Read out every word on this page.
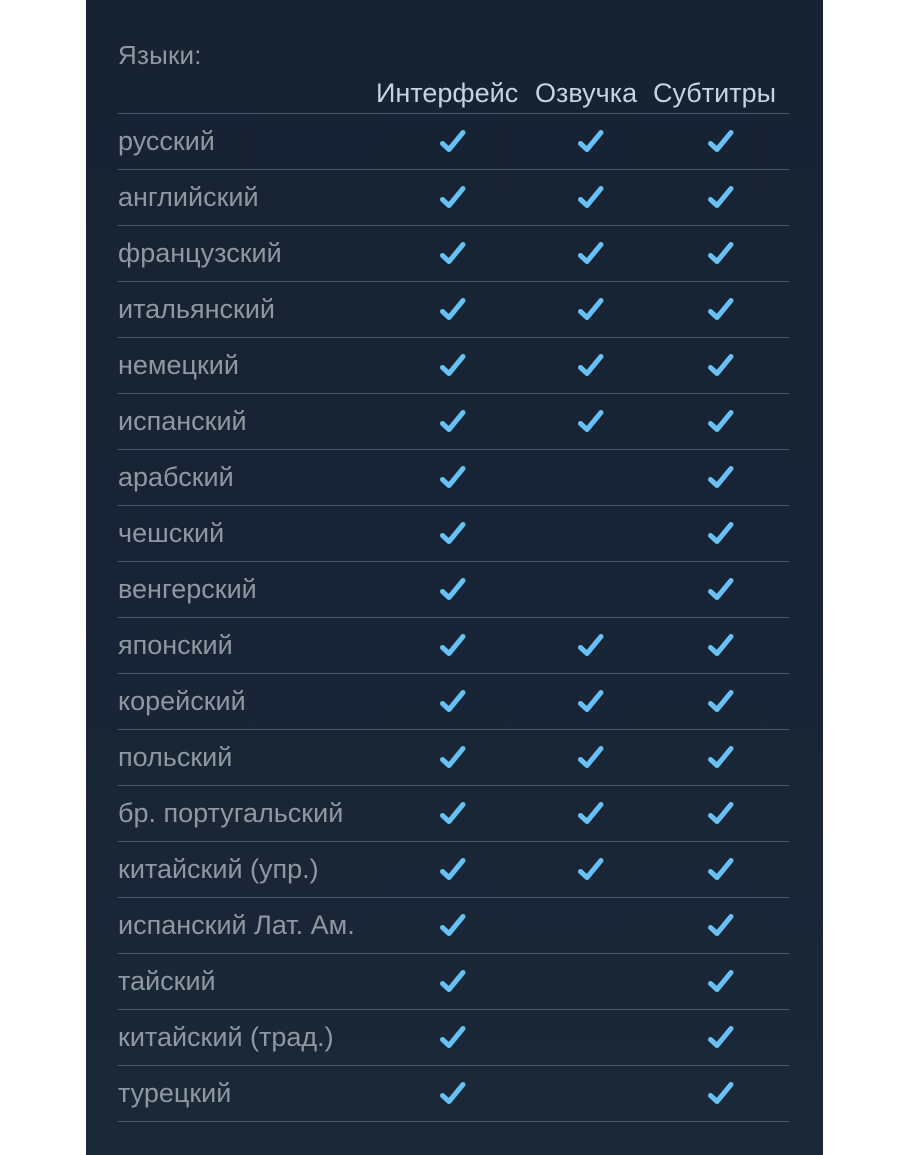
Языки:
Интерфейс Озвучка Субтитры
русский
английский
французский
итальянский
немецкий
испанский
арабский
чешский
венгерский
японский
корейский
польский
бр. португальский
китайский (упр.)
испанский Лат. Ам.
тайский
китайский (трад.)
турецкий
